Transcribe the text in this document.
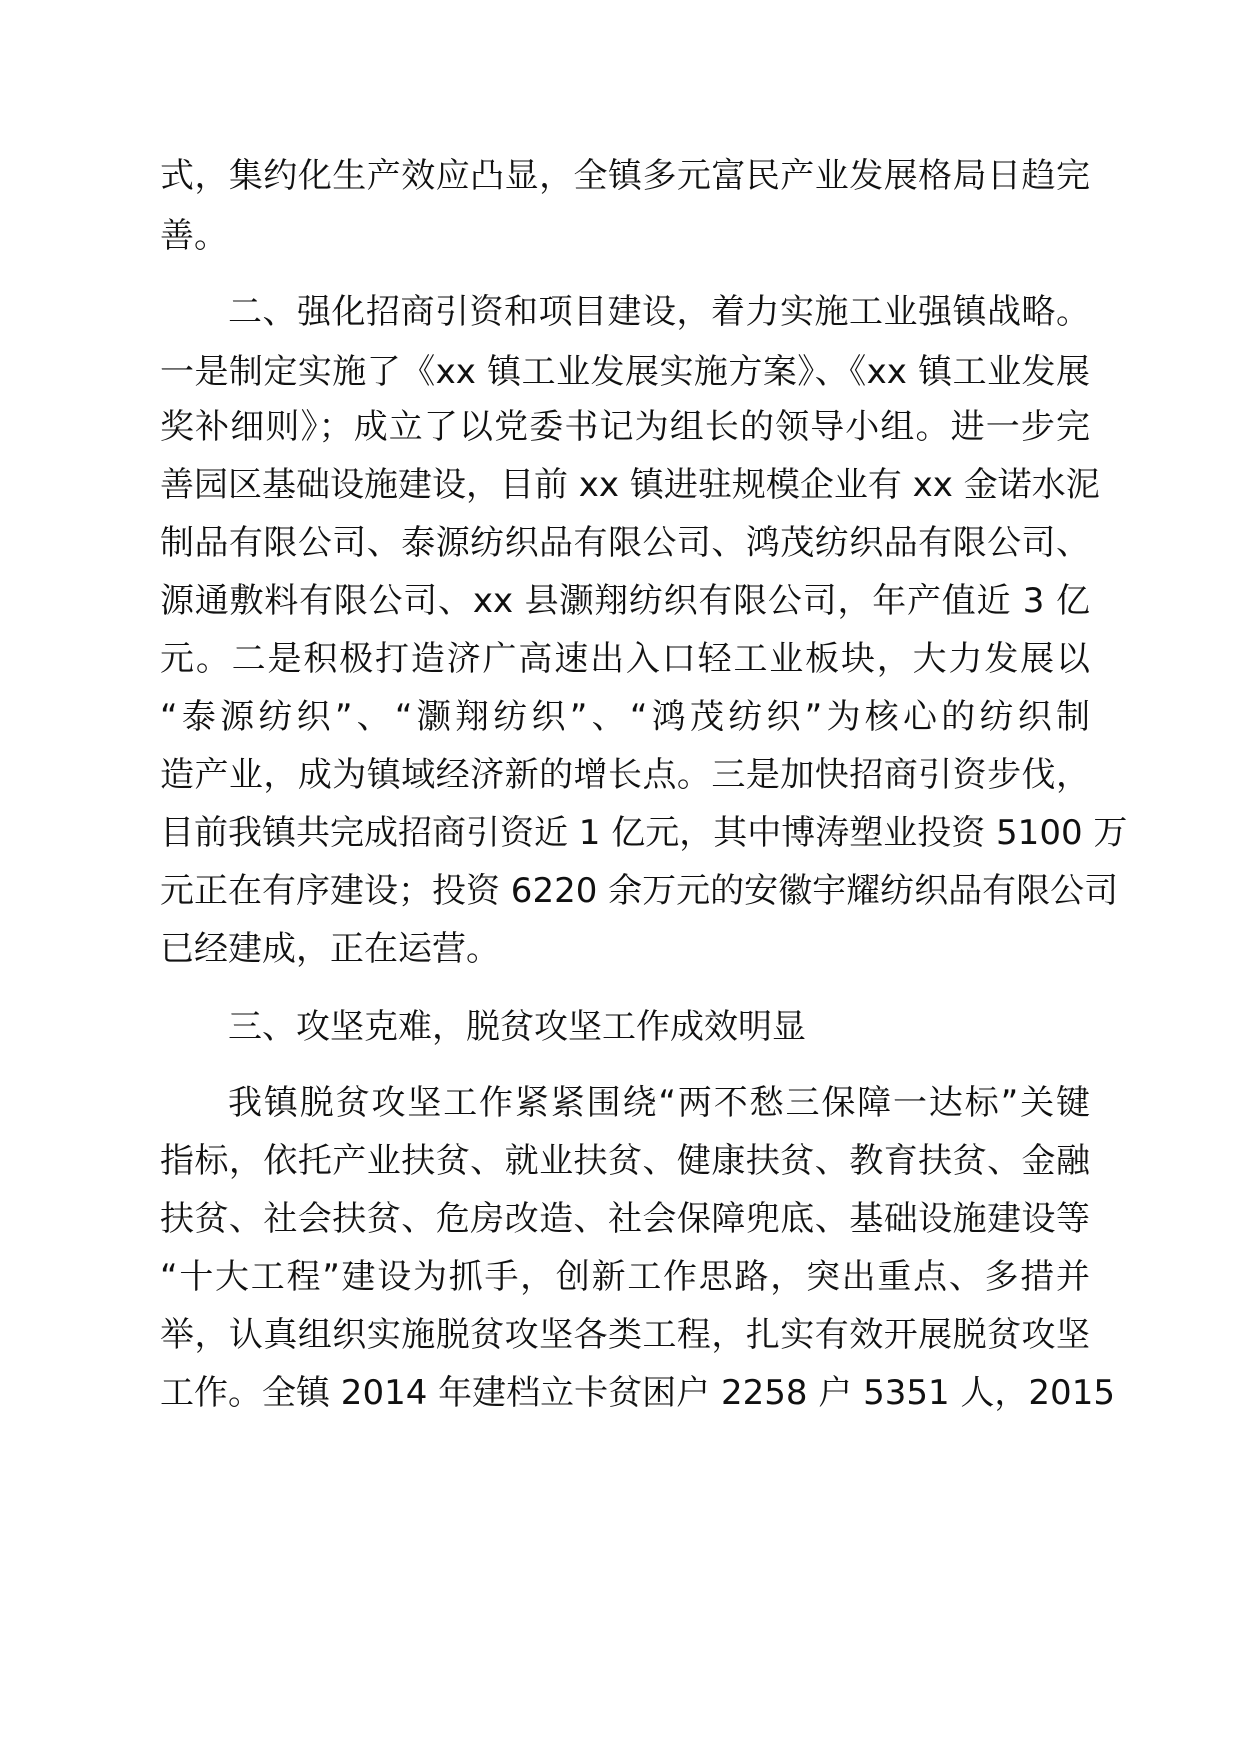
式，集约化生产效应凸显，全镇多元富民产业发展格局日趋完
善。
二、强化招商引资和项目建设，着力实施工业强镇战略。
一是制定实施了《xx 镇工业发展实施方案》、《xx 镇工业发展
奖补细则》；成立了以党委书记为组长的领导小组。进一步完
善园区基础设施建设，目前 xx 镇进驻规模企业有 xx 金诺水泥
制品有限公司、泰源纺织品有限公司、鸿茂纺织品有限公司、
源通敷料有限公司、xx 县灏翔纺织有限公司，年产值近 3 亿
元。二是积极打造济广高速出入口轻工业板块，大力发展以
“泰源纺织”、“灏翔纺织”、“鸿茂纺织”为核心的纺织制
造产业，成为镇域经济新的增长点。三是加快招商引资步伐，
目前我镇共完成招商引资近 1 亿元，其中博涛塑业投资 5100 万
元正在有序建设；投资 6220 余万元的安徽宇耀纺织品有限公司
已经建成，正在运营。
三、攻坚克难，脱贫攻坚工作成效明显
我镇脱贫攻坚工作紧紧围绕“两不愁三保障一达标”关键
指标，依托产业扶贫、就业扶贫、健康扶贫、教育扶贫、金融
扶贫、社会扶贫、危房改造、社会保障兜底、基础设施建设等
“十大工程”建设为抓手，创新工作思路，突出重点、多措并
举，认真组织实施脱贫攻坚各类工程，扎实有效开展脱贫攻坚
工作。全镇 2014 年建档立卡贫困户 2258 户 5351 人，2015
